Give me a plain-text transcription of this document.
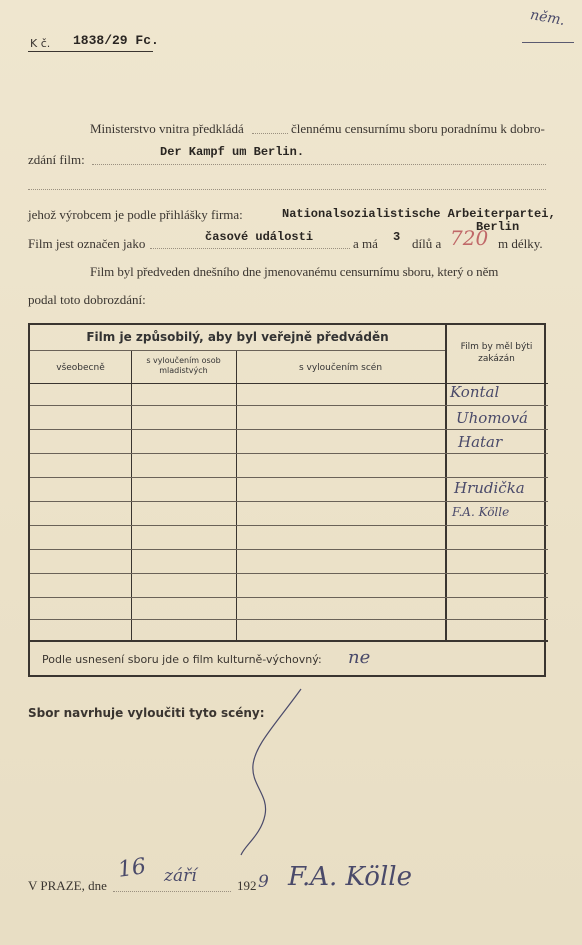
K č. 1838/29 Fc.
něm.
Ministerstvo vnitra předkládá	člennému censurnímu sboru poradnímu k dobro-
zdání film:	Der Kampf um Berlin.
jehož výrobcem je podle přihlášky firma:	Nationalsozialistische Arbeiterpartei,
Berlin
Film jest označen jako	časové události	a má 3 dílů a 720 m délky.
Film byl předveden dnešního dne jmenovanému censurnímu sboru, který o něm
podal toto dobrozdání:
Film je způsobilý, aby byl veřejně předváděn
všeobecně
s vyloučením osob
mladistvých	s vyloučením scén
Film by měl býti
zakázán
Kontal
Uhomová
Hatar
Hrudička
F.A. Kölle
Podle usnesení sboru jde o film kulturně-výchovný: ne
Sbor navrhuje vyloučiti tyto scény:
V PRAZE, dne
16 září	192 9 F.A. Kölle
